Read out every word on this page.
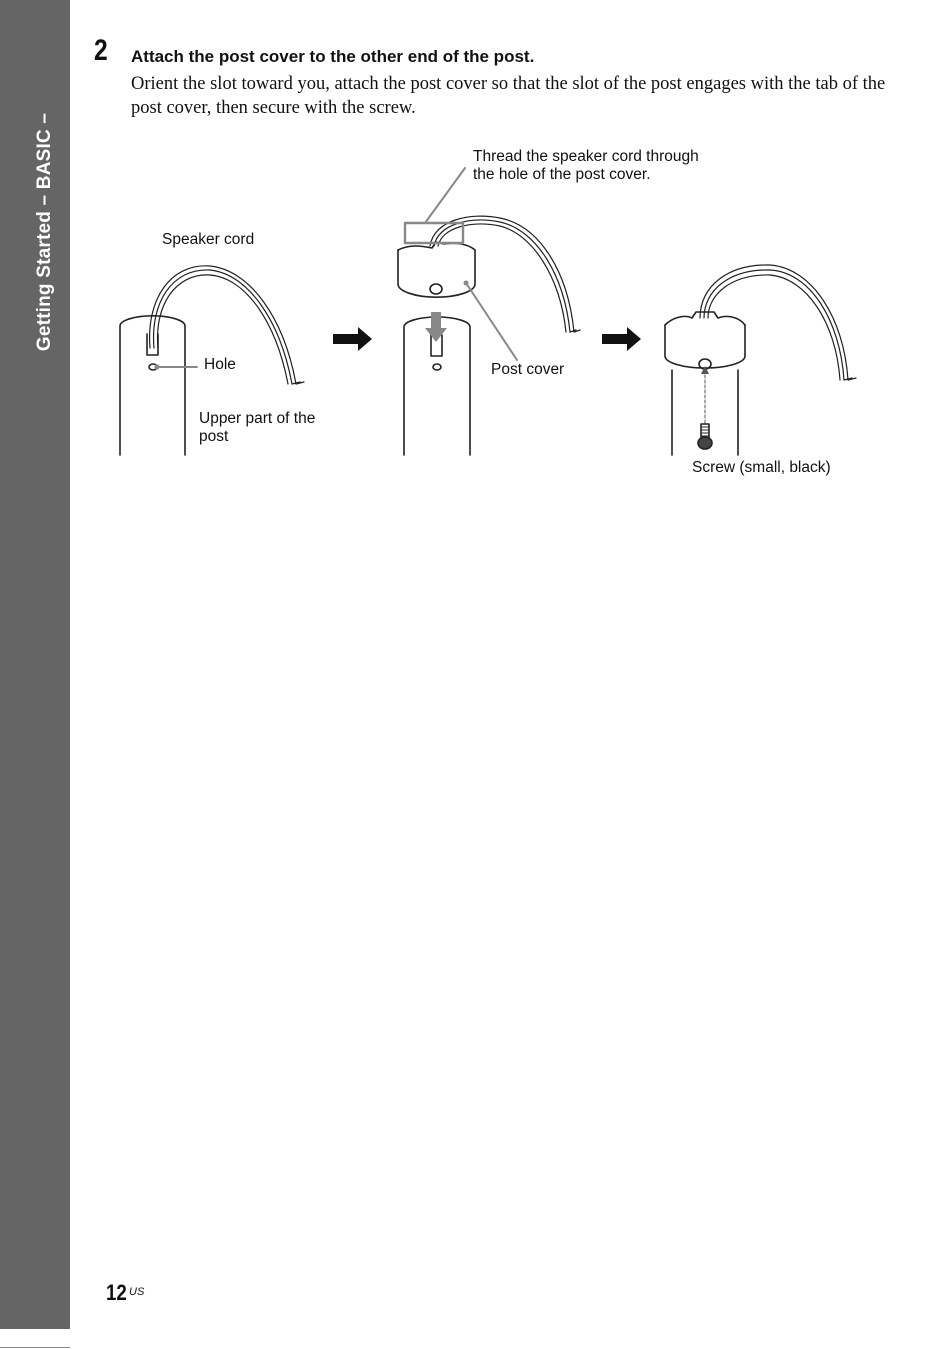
Getting Started – BASIC –
2 Attach the post cover to the other end of the post.
Orient the slot toward you, attach the post cover so that the slot of the post engages with the tab of the post cover, then secure with the screw.
Speaker cord
Hole
Upper part of the
post
Thread the speaker cord through
the hole of the post cover.
Post cover
Screw (small, black)
12 US
